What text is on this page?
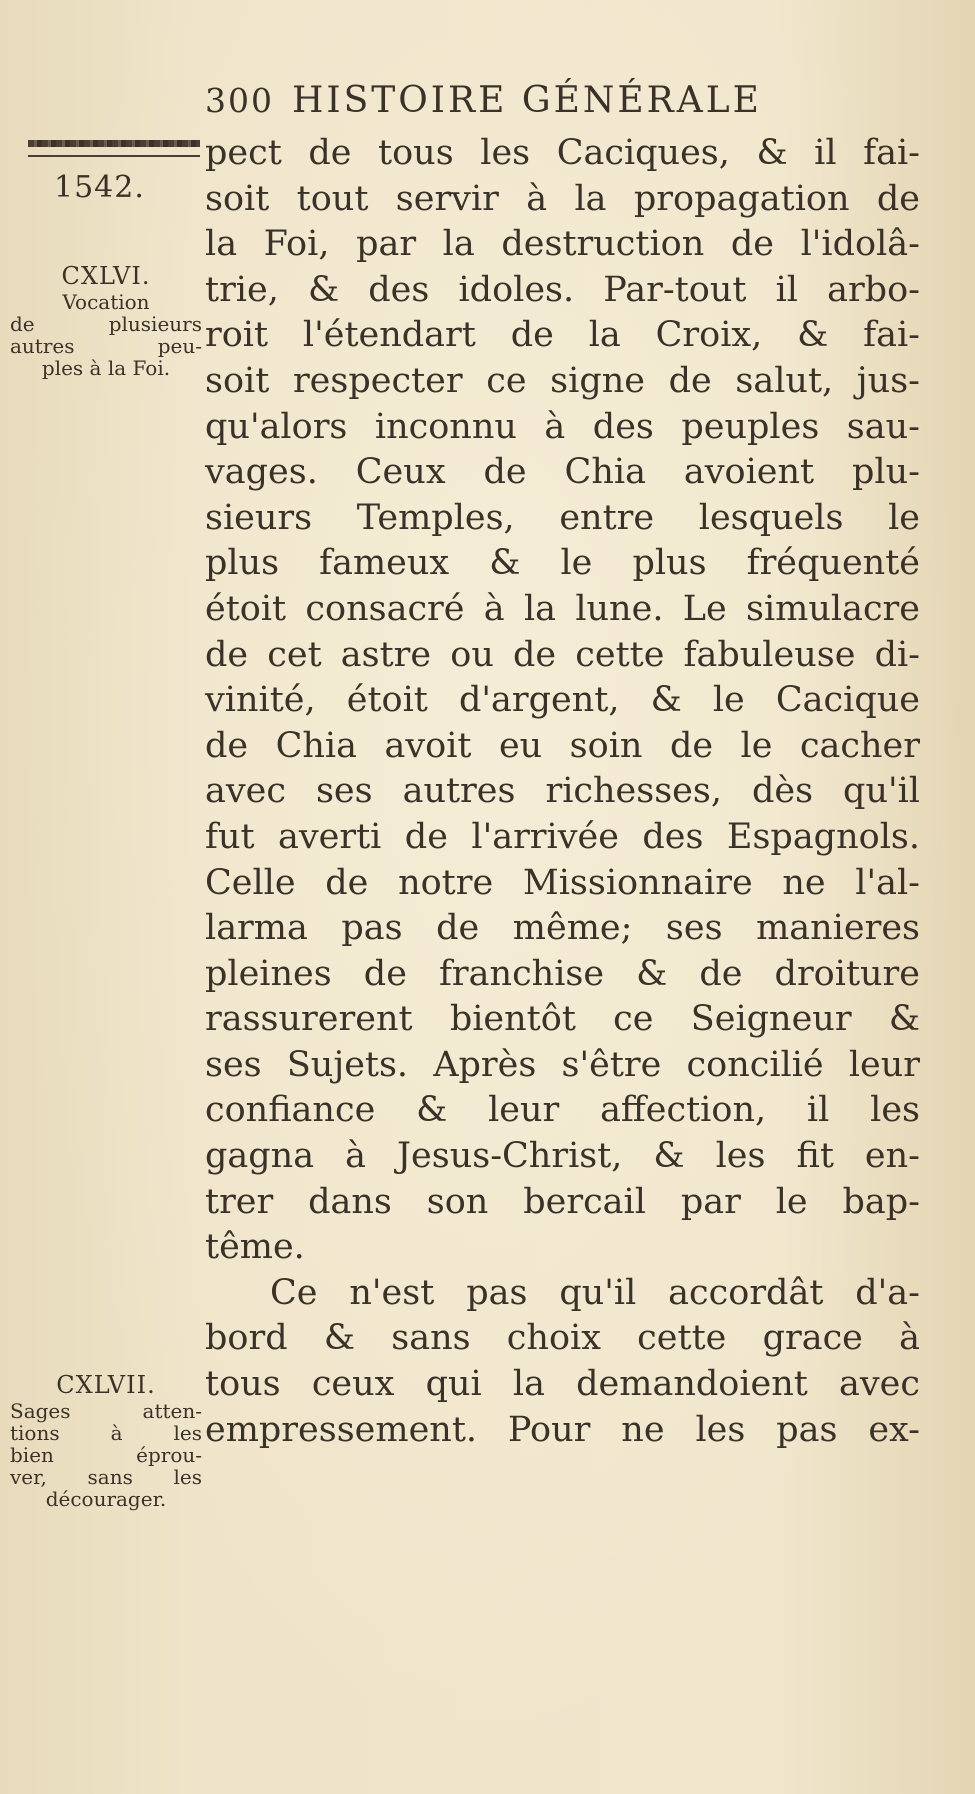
300 HISTOIRE GÉNÉRALE
1542.
CXLVI.
Vocation
de plusieurs
autres peu-
ples à la Foi.
CXLVII.
Sages atten-
tions à les
bien éprou-
ver, sans les
décourager.
pect de tous les Caciques, & il fai-
soit tout servir à la propagation de
la Foi, par la destruction de l'idolâ-
trie, & des idoles. Par-tout il arbo-
roit l'étendart de la Croix, & fai-
soit respecter ce signe de salut, jus-
qu'alors inconnu à des peuples sau-
vages. Ceux de Chia avoient plu-
sieurs Temples, entre lesquels le
plus fameux & le plus fréquenté
étoit consacré à la lune. Le simulacre
de cet astre ou de cette fabuleuse di-
vinité, étoit d'argent, & le Cacique
de Chia avoit eu soin de le cacher
avec ses autres richesses, dès qu'il
fut averti de l'arrivée des Espagnols.
Celle de notre Missionnaire ne l'al-
larma pas de même; ses manieres
pleines de franchise & de droiture
rassurerent bientôt ce Seigneur &
ses Sujets. Après s'être concilié leur
confiance & leur affection, il les
gagna à Jesus-Christ, & les fit en-
trer dans son bercail par le bap-
tême.
Ce n'est pas qu'il accordât d'a-
bord & sans choix cette grace à
tous ceux qui la demandoient avec
empressement. Pour ne les pas ex-
